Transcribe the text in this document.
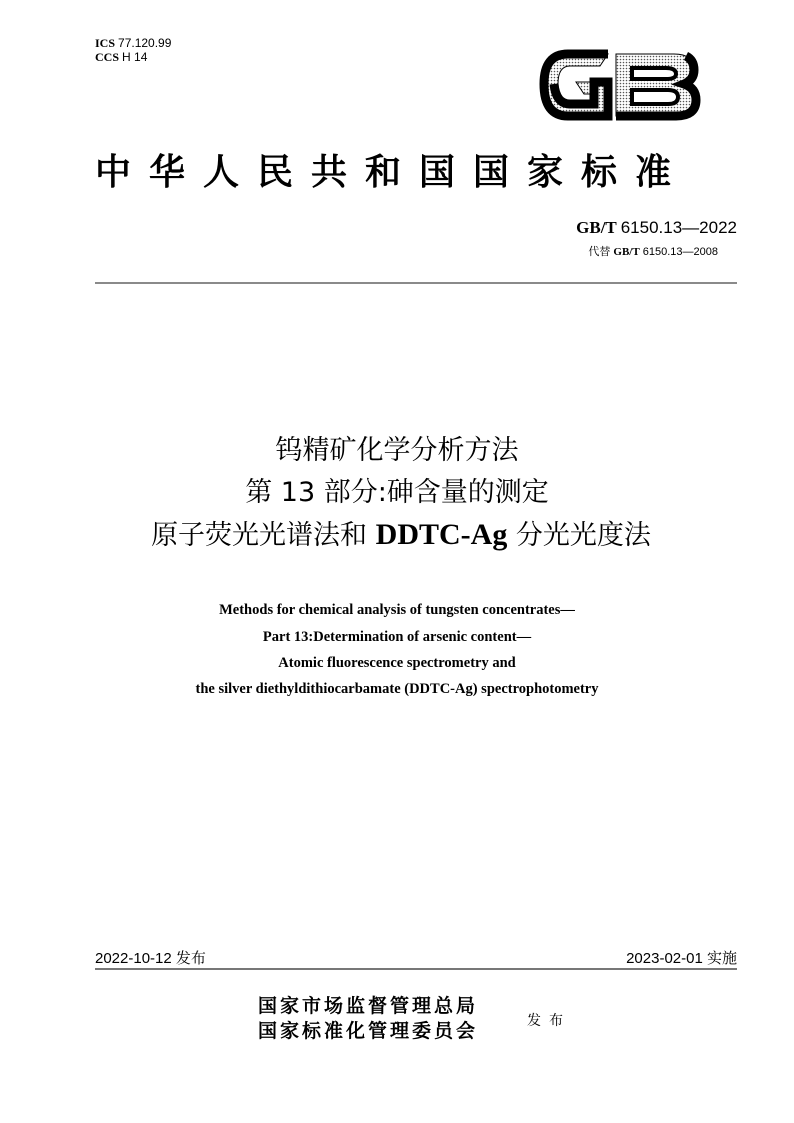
ICS 77.120.99
CCS H 14
中华人民共和国国家标准
GB/T 6150.13—2022
代替 GB/T 6150.13—2008
钨精矿化学分析方法
第 13 部分:砷含量的测定
原子荧光光谱法和 DDTC-Ag 分光光度法
Methods for chemical analysis of tungsten concentrates—
Part 13:Determination of arsenic content—
Atomic fluorescence spectrometry and
the silver diethyldithiocarbamate (DDTC-Ag) spectrophotometry
2022-10-12 发布	2023-02-01 实施
国家市场监督管理总局
国家标准化管理委员会	发布
